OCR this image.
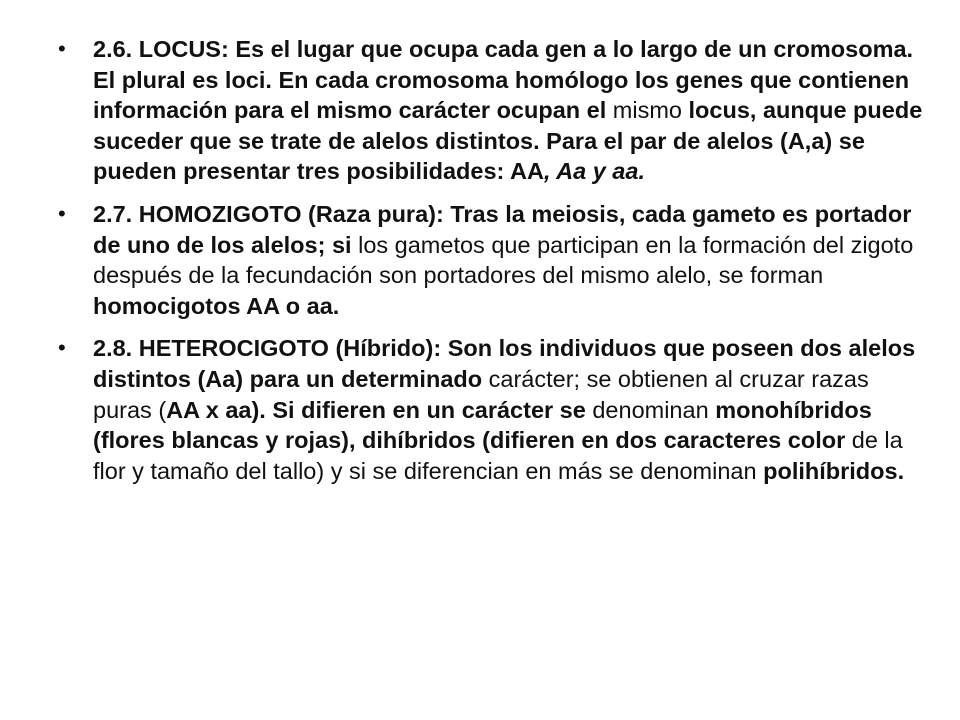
• 2.6. LOCUS: Es el lugar que ocupa cada gen a lo largo de un cromosoma. El plural es loci. En cada cromosoma homólogo los genes que contienen información para el mismo carácter ocupan el mismo locus, aunque puede suceder que se trate de alelos distintos. Para el par de alelos (A,a) se pueden presentar tres posibilidades: AA, Aa y aa.
• 2.7. HOMOZIGOTO (Raza pura): Tras la meiosis, cada gameto es portador de uno de los alelos; si los gametos que participan en la formación del zigoto después de la fecundación son portadores del mismo alelo, se forman homocigotos AA o aa.
• 2.8. HETEROCIGOTO (Híbrido): Son los individuos que poseen dos alelos distintos (Aa) para un determinado carácter; se obtienen al cruzar razas puras (AA x aa). Si difieren en un carácter se denominan monohíbridos (flores blancas y rojas), dihíbridos (difieren en dos caracteres color de la flor y tamaño del tallo) y si se diferencian en más se denominan polihíbridos.
